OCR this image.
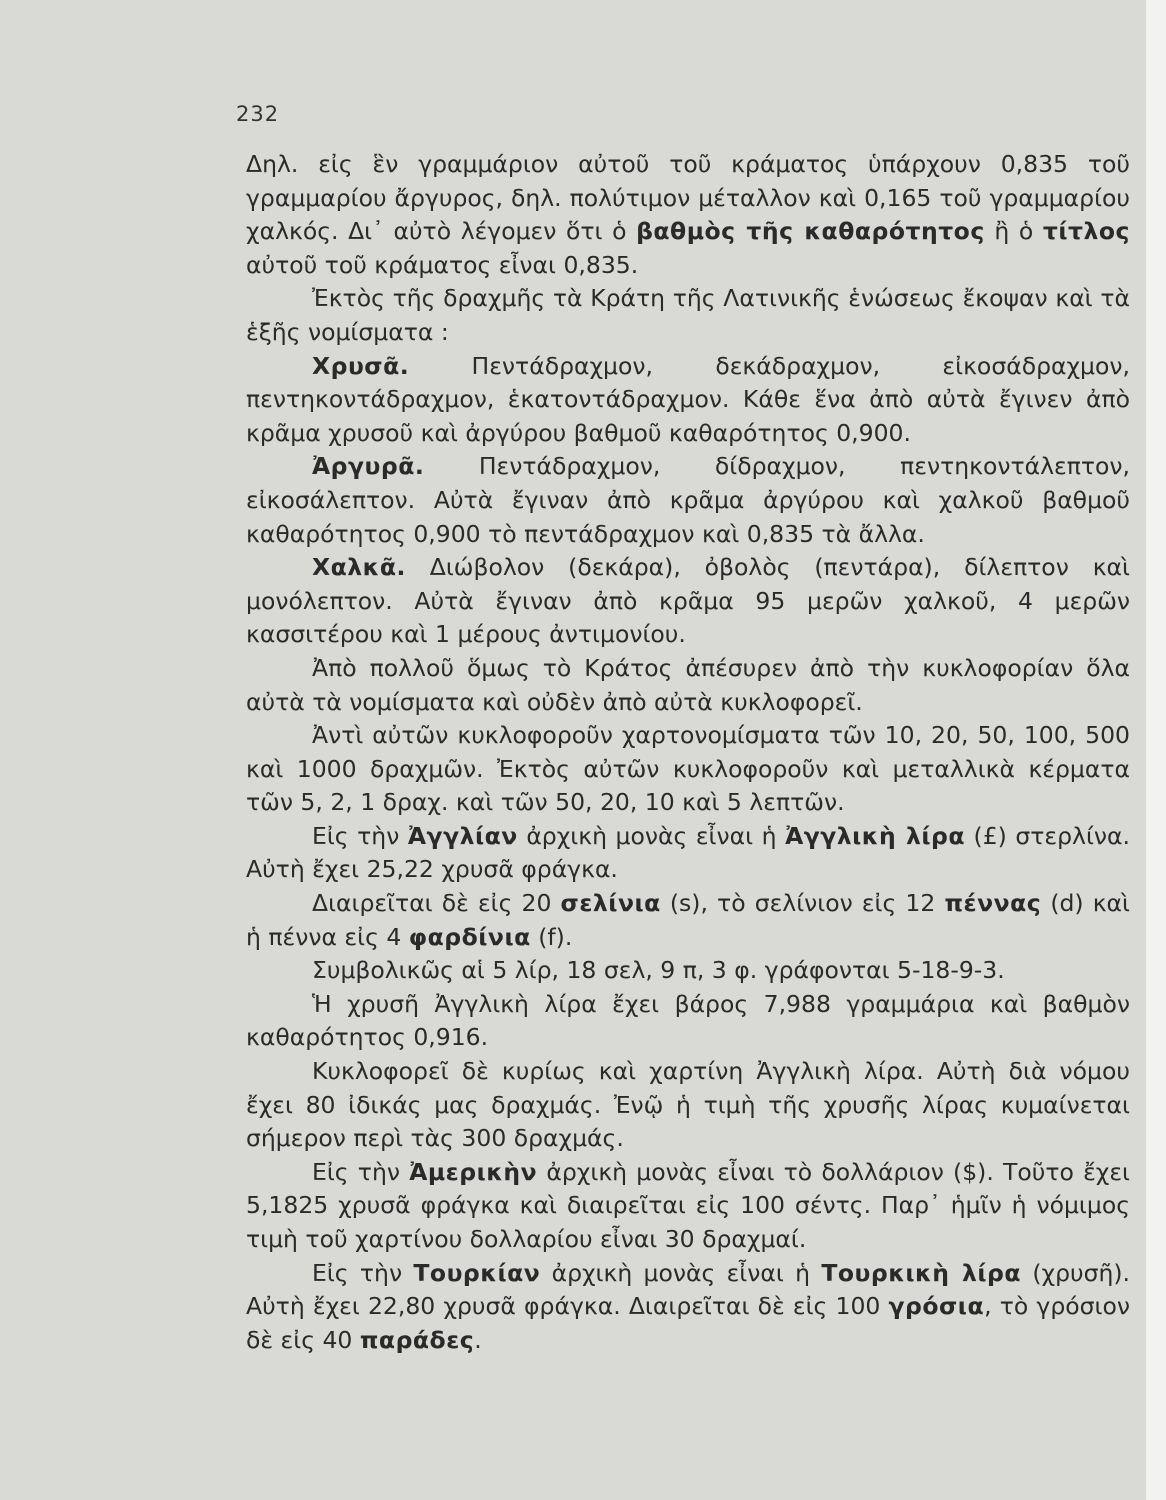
232

Δηλ. εἰς ἓν γραμμάριον αὐτοῦ τοῦ κράματος ὑπάρχουν 0,835 τοῦ γραμμαρίου ἄργυρος, δηλ. πολύτιμον μέταλλον καὶ 0,165 τοῦ γραμμαρίου χαλκός. Δι᾽ αὐτὸ λέγομεν ὅτι ὁ βαθμὸς τῆς καθαρότητος ἢ ὁ τίτλος αὐτοῦ τοῦ κράματος εἶναι 0,835.

Ἐκτὸς τῆς δραχμῆς τὰ Κράτη τῆς Λατινικῆς ἑνώσεως ἔκοψαν καὶ τὰ ἑξῆς νομίσματα :

Χρυσᾶ. Πεντάδραχμον, δεκάδραχμον, εἰκοσάδραχμον, πεντηκοντάδραχμον, ἑκατοντάδραχμον. Κάθε ἕνα ἀπὸ αὐτὰ ἔγινεν ἀπὸ κρᾶμα χρυσοῦ καὶ ἀργύρου βαθμοῦ καθαρότητος 0,900.

Ἀργυρᾶ. Πεντάδραχμον, δίδραχμον, πεντηκοντάλεπτον, εἰκοσάλεπτον. Αὐτὰ ἔγιναν ἀπὸ κρᾶμα ἀργύρου καὶ χαλκοῦ βαθμοῦ καθαρότητος 0,900 τὸ πεντάδραχμον καὶ 0,835 τὰ ἄλλα.

Χαλκᾶ. Διώβολον (δεκάρα), ὀβολὸς (πεντάρα), δίλεπτον καὶ μονόλεπτον. Αὐτὰ ἔγιναν ἀπὸ κρᾶμα 95 μερῶν χαλκοῦ, 4 μερῶν κασσιτέρου καὶ 1 μέρους ἀντιμονίου.

Ἀπὸ πολλοῦ ὅμως τὸ Κράτος ἀπέσυρεν ἀπὸ τὴν κυκλοφορίαν ὅλα αὐτὰ τὰ νομίσματα καὶ οὐδὲν ἀπὸ αὐτὰ κυκλοφορεῖ.

Ἀντὶ αὐτῶν κυκλοφοροῦν χαρτονομίσματα τῶν 10, 20, 50, 100, 500 καὶ 1000 δραχμῶν. Ἐκτὸς αὐτῶν κυκλοφοροῦν καὶ μεταλλικὰ κέρματα τῶν 5, 2, 1 δραχ. καὶ τῶν 50, 20, 10 καὶ 5 λεπτῶν.

Εἰς τὴν Ἀγγλίαν ἀρχικὴ μονὰς εἶναι ἡ Ἀγγλικὴ λίρα (£) στερλίνα. Αὐτὴ ἔχει 25,22 χρυσᾶ φράγκα.

Διαιρεῖται δὲ εἰς 20 σελίνια (s), τὸ σελίνιον εἰς 12 πέννας (d) καὶ ἡ πέννα εἰς 4 φαρδίνια (f).

Συμβολικῶς αἱ 5 λίρ, 18 σελ, 9 π, 3 φ. γράφονται 5-18-9-3.

Ἡ χρυσῆ Ἀγγλικὴ λίρα ἔχει βάρος 7,988 γραμμάρια καὶ βαθμὸν καθαρότητος 0,916.

Κυκλοφορεῖ δὲ κυρίως καὶ χαρτίνη Ἀγγλικὴ λίρα. Αὐτὴ διὰ νόμου ἔχει 80 ἰδικάς μας δραχμάς. Ἐνῷ ἡ τιμὴ τῆς χρυσῆς λίρας κυμαίνεται σήμερον περὶ τὰς 300 δραχμάς.

Εἰς τὴν Ἀμερικὴν ἀρχικὴ μονὰς εἶναι τὸ δολλάριον ($). Τοῦτο ἔχει 5,1825 χρυσᾶ φράγκα καὶ διαιρεῖται εἰς 100 σέντς. Παρ᾽ ἡμῖν ἡ νόμιμος τιμὴ τοῦ χαρτίνου δολλαρίου εἶναι 30 δραχμαί.

Εἰς τὴν Τουρκίαν ἀρχικὴ μονὰς εἶναι ἡ Τουρκικὴ λίρα (χρυσῆ). Αὐτὴ ἔχει 22,80 χρυσᾶ φράγκα. Διαιρεῖται δὲ εἰς 100 γρόσια, τὸ γρόσιον δὲ εἰς 40 παράδες.
